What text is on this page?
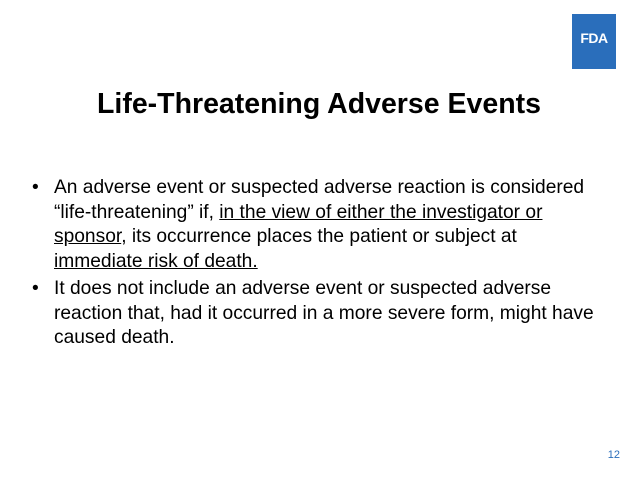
FDA
Life-Threatening Adverse Events
• An adverse event or suspected adverse reaction is considered “life-threatening” if, in the view of either the investigator or sponsor, its occurrence places the patient or subject at immediate risk of death.
• It does not include an adverse event or suspected adverse reaction that, had it occurred in a more severe form, might have caused death.
12
